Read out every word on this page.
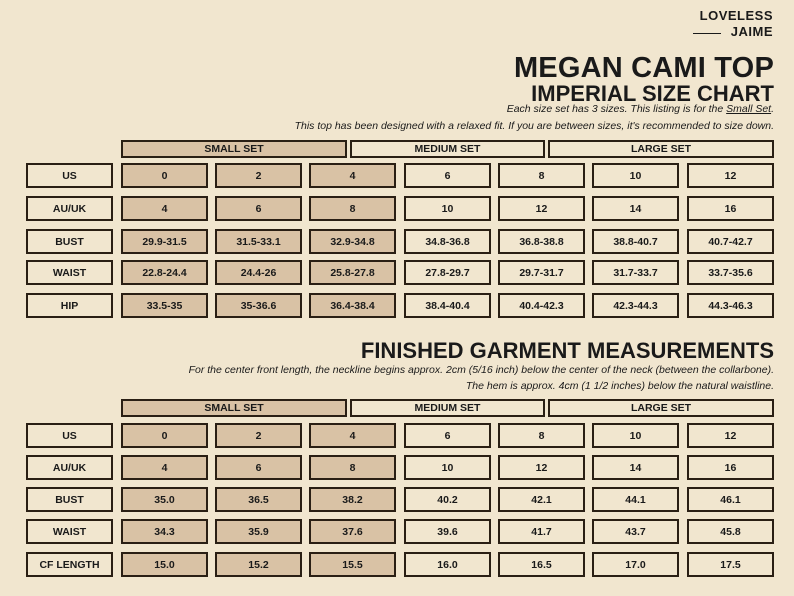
LOVELESS
JAIME
MEGAN CAMI TOP
IMPERIAL SIZE CHART
Each size set has 3 sizes. This listing is for the Small Set.
This top has been designed with a relaxed fit. If you are between sizes, it's recommended to size down.
SMALL SET	MEDIUM SET	LARGE SET
US	0	2	4	6	8	10	12
AU/UK	4	6	8	10	12	14	16
BUST	29.9-31.5	31.5-33.1	32.9-34.8	34.8-36.8	36.8-38.8	38.8-40.7	40.7-42.7
WAIST	22.8-24.4	24.4-26	25.8-27.8	27.8-29.7	29.7-31.7	31.7-33.7	33.7-35.6
HIP	33.5-35	35-36.6	36.4-38.4	38.4-40.4	40.4-42.3	42.3-44.3	44.3-46.3
FINISHED GARMENT MEASUREMENTS
For the center front length, the neckline begins approx. 2cm (5/16 inch) below the center of the neck (between the collarbone).
The hem is approx. 4cm (1 1/2 inches) below the natural waistline.
SMALL SET	MEDIUM SET	LARGE SET
US	0	2	4	6	8	10	12
AU/UK	4	6	8	10	12	14	16
BUST	35.0	36.5	38.2	40.2	42.1	44.1	46.1
WAIST	34.3	35.9	37.6	39.6	41.7	43.7	45.8
CF LENGTH	15.0	15.2	15.5	16.0	16.5	17.0	17.5
